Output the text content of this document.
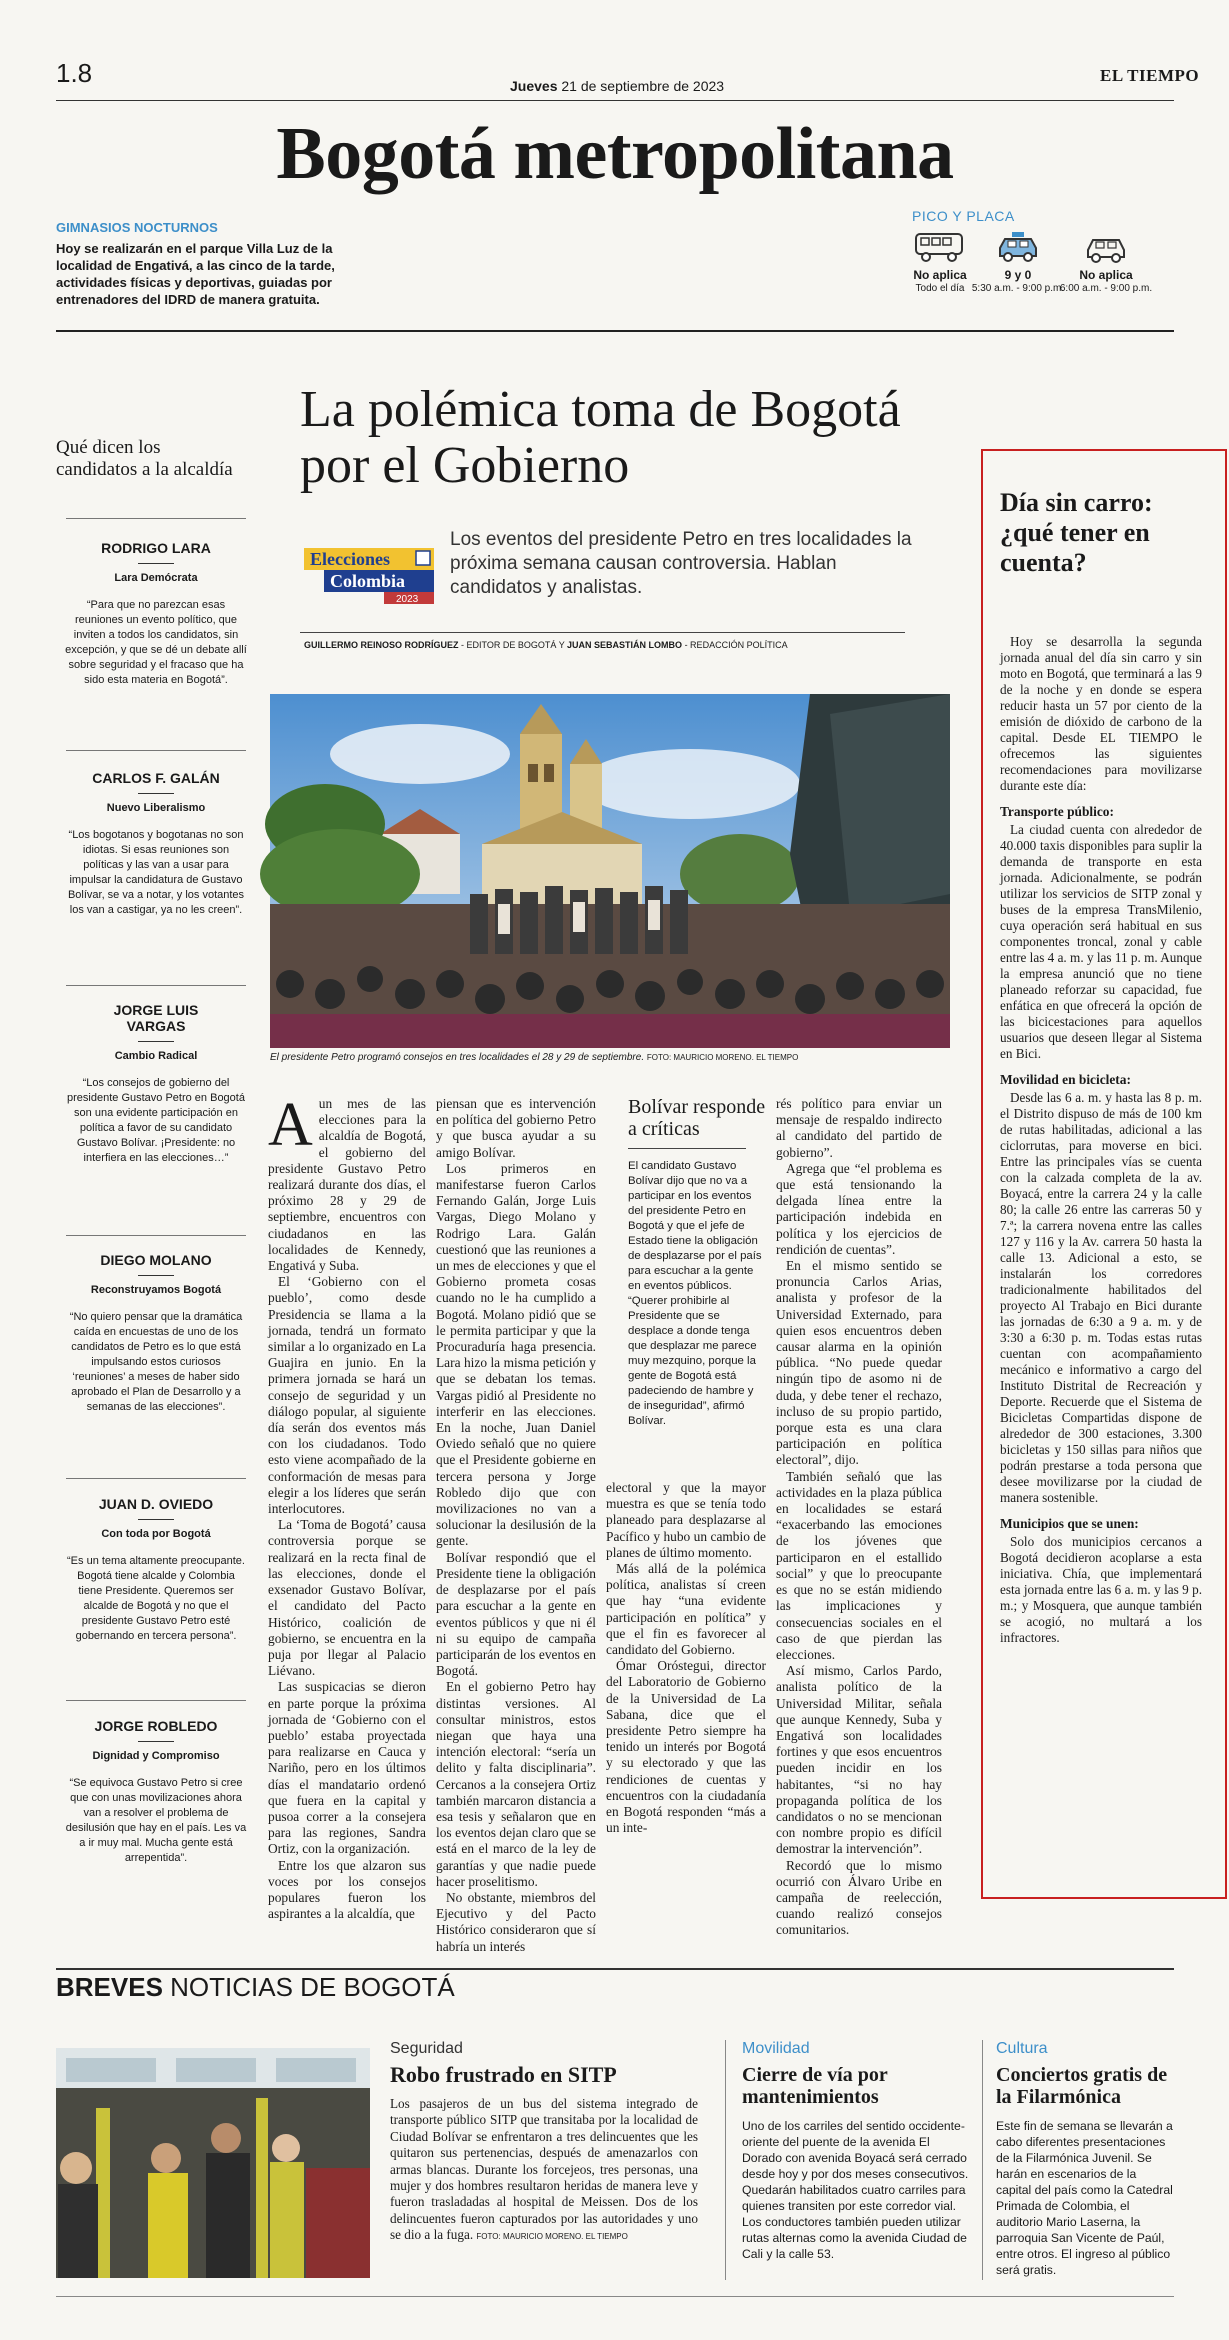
1.8	Jueves 21 de septiembre de 2023
EL TIEMPO
Bogotá metropolitana
GIMNASIOS NOCTURNOS
Hoy se realizarán en el parque Villa Luz de la localidad de Engativá, a las cinco de la tarde, actividades físicas y deportivas, guiadas por entrenadores del IDRD de manera gratuita.
PICO Y PLACA
No aplica
Todo el día
9 y 0
5:30 a.m. - 9:00 p.m.
No aplica
6:00 a.m. - 9:00 p.m.
Qué dicen los candidatos a la alcaldía
RODRIGO LARA
Lara Demócrata
“Para que no parezcan esas reuniones un evento político, que inviten a todos los candidatos, sin excepción, y que se dé un debate allí sobre seguridad y el fracaso que ha sido esta materia en Bogotá”.
CARLOS F. GALÁN
Nuevo Liberalismo
“Los bogotanos y bogotanas no son idiotas. Si esas reuniones son políticas y las van a usar para impulsar la candidatura de Gustavo Bolívar, se va a notar, y los votantes los van a castigar, ya no les creen”.
JORGE LUIS VARGAS
Cambio Radical
“Los consejos de gobierno del presidente Gustavo Petro en Bogotá son una evidente participación en política a favor de su candidato Gustavo Bolívar. ¡Presidente: no interfiera en las elecciones…”
DIEGO MOLANO
Reconstruyamos Bogotá
“No quiero pensar que la dramática caída en encuestas de uno de los candidatos de Petro es lo que está impulsando estos curiosos ‘reuniones’ a meses de haber sido aprobado el Plan de Desarrollo y a semanas de las elecciones”.
JUAN D. OVIEDO
Con toda por Bogotá
“Es un tema altamente preocupante. Bogotá tiene alcalde y Colombia tiene Presidente. Queremos ser alcalde de Bogotá y no que el presidente Gustavo Petro esté gobernando en tercera persona”.
JORGE ROBLEDO
Dignidad y Compromiso
“Se equivoca Gustavo Petro si cree que con unas movilizaciones ahora van a resolver el problema de desilusión que hay en el país. Les va a ir muy mal. Mucha gente está arrepentida”.
La polémica toma de Bogotá por el Gobierno
Elecciones
Colombia
2023
Los eventos del presidente Petro en tres localidades la próxima semana causan controversia. Hablan candidatos y analistas.
GUILLERMO REINOSO RODRÍGUEZ - EDITOR DE BOGOTÁ Y JUAN SEBASTIÁN LOMBO - REDACCIÓN POLÍTICA
El presidente Petro programó consejos en tres localidades el 28 y 29 de septiembre. FOTO: MAURICIO MORENO. EL TIEMPO

Aun mes de las elecciones para la alcaldía de Bogotá, el gobierno del presidente Gustavo Petro realizará durante dos días, el próximo 28 y 29 de septiembre, encuentros con ciudadanos en las localidades de Kennedy, Engativá y Suba.

El ‘Gobierno con el pueblo’, como desde Presidencia se llama a la jornada, tendrá un formato similar a lo organizado en La Guajira en junio. En la primera jornada se hará un consejo de seguridad y un diálogo popular, al siguiente día serán dos eventos más con los ciudadanos. Todo esto viene acompañado de la conformación de mesas para elegir a los líderes que serán interlocutores.

La ‘Toma de Bogotá’ causa controversia porque se realizará en la recta final de las elecciones, donde el exsenador Gustavo Bolívar, el candidato del Pacto Histórico, coalición de gobierno, se encuentra en la puja por llegar al Palacio Liévano.

Las suspicacias se dieron en parte porque la próxima jornada de ‘Gobierno con el pueblo’ estaba proyectada para realizarse en Cauca y Nariño, pero en los últimos días el mandatario ordenó que fuera en la capital y pusoa correr a la consejera para las regiones, Sandra Ortiz, con la organización.

Entre los que alzaron sus voces por los consejos populares fueron los aspirantes a la alcaldía, que

piensan que es intervención en política del gobierno Petro y que busca ayudar a su amigo Bolívar.

Los primeros en manifestarse fueron Carlos Fernando Galán, Jorge Luis Vargas, Diego Molano y Rodrigo Lara. Galán cuestionó que las reuniones a un mes de elecciones y que el Gobierno prometa cosas cuando no le ha cumplido a Bogotá. Molano pidió que se le permita participar y que la Procuraduría haga presencia. Lara hizo la misma petición y que se debatan los temas. Vargas pidió al Presidente no interferir en las elecciones. En la noche, Juan Daniel Oviedo señaló que no quiere que el Presidente gobierne en tercera persona y Jorge Robledo dijo que con movilizaciones no van a solucionar la desilusión de la gente.

Bolívar respondió que el Presidente tiene la obligación de desplazarse por el país para escuchar a la gente en eventos públicos y que ni él ni su equipo de campaña participarán de los eventos en Bogotá.

En el gobierno Petro hay distintas versiones. Al consultar ministros, estos niegan que haya una intención electoral: “sería un delito y falta disciplinaria”. Cercanos a la consejera Ortiz también marcaron distancia a esa tesis y señalaron que en los eventos dejan claro que se está en el marco de la ley de garantías y que nadie puede hacer proselitismo.

No obstante, miembros del Ejecutivo y del Pacto Histórico consideraron que sí habría un interés

Bolívar responde a críticas
El candidato Gustavo Bolívar dijo que no va a participar en los eventos del presidente Petro en Bogotá y que el jefe de Estado tiene la obligación de desplazarse por el país para escuchar a la gente en eventos públicos. “Querer prohibirle al Presidente que se desplace a donde tenga que desplazar me parece muy mezquino, porque la gente de Bogotá está padeciendo de hambre y de inseguridad”, afirmó Bolívar.

electoral y que la mayor muestra es que se tenía todo planeado para desplazarse al Pacífico y hubo un cambio de planes de último momento.

Más allá de la polémica política, analistas sí creen que hay “una evidente participación en política” y que el fin es favorecer al candidato del Gobierno.

Ómar Oróstegui, director del Laboratorio de Gobierno de la Universidad de La Sabana, dice que el presidente Petro siempre ha tenido un interés por Bogotá y su electorado y que las rendiciones de cuentas y encuentros con la ciudadanía en Bogotá responden “más a un inte-

rés político para enviar un mensaje de respaldo indirecto al candidato del partido de gobierno”.

Agrega que “el problema es que está tensionando la delgada línea entre la participación indebida en política y los ejercicios de rendición de cuentas”.

En el mismo sentido se pronuncia Carlos Arias, analista y profesor de la Universidad Externado, para quien esos encuentros deben causar alarma en la opinión pública. “No puede quedar ningún tipo de asomo ni de duda, y debe tener el rechazo, incluso de su propio partido, porque esta es una clara participación en política electoral”, dijo.

También señaló que las actividades en la plaza pública en localidades se estará “exacerbando las emociones de los jóvenes que participaron en el estallido social” y que lo preocupante es que no se están midiendo las implicaciones y consecuencias sociales en el caso de que pierdan las elecciones.

Así mismo, Carlos Pardo, analista político de la Universidad Militar, señala que aunque Kennedy, Suba y Engativá son localidades fortines y que esos encuentros pueden incidir en los habitantes, “si no hay propaganda política de los candidatos o no se mencionan con nombre propio es difícil demostrar la intervención”.

Recordó que lo mismo ocurrió con Álvaro Uribe en campaña de reelección, cuando realizó consejos comunitarios.

Día sin carro: ¿qué tener en cuenta?

Hoy se desarrolla la segunda jornada anual del día sin carro y sin moto en Bogotá, que terminará a las 9 de la noche y en donde se espera reducir hasta un 57 por ciento de la emisión de dióxido de carbono de la capital. Desde EL TIEMPO le ofrecemos las siguientes recomendaciones para movilizarse durante este día:

Transporte público:

La ciudad cuenta con alrededor de 40.000 taxis disponibles para suplir la demanda de transporte en esta jornada. Adicionalmente, se podrán utilizar los servicios de SITP zonal y buses de la empresa TransMilenio, cuya operación será habitual en sus componentes troncal, zonal y cable entre las 4 a. m. y las 11 p. m. Aunque la empresa anunció que no tiene planeado reforzar su capacidad, fue enfática en que ofrecerá la opción de las bicicestaciones para aquellos usuarios que deseen llegar al Sistema en Bici.

Movilidad en bicicleta:

Desde las 6 a. m. y hasta las 8 p. m. el Distrito dispuso de más de 100 km de rutas habilitadas, adicional a las ciclorrutas, para moverse en bici. Entre las principales vías se cuenta con la calzada completa de la av. Boyacá, entre la carrera 24 y la calle 80; la calle 26 entre las carreras 50 y 7.ª; la carrera novena entre las calles 127 y 116 y la Av. carrera 50 hasta la calle 13. Adicional a esto, se instalarán los corredores tradicionalmente habilitados del proyecto Al Trabajo en Bici durante las jornadas de 6:30 a 9 a. m. y de 3:30 a 6:30 p. m. Todas estas rutas cuentan con acompañamiento mecánico e informativo a cargo del Instituto Distrital de Recreación y Deporte. Recuerde que el Sistema de Bicicletas Compartidas dispone de alrededor de 300 estaciones, 3.300 bicicletas y 150 sillas para niños que podrán prestarse a toda persona que desee movilizarse por la ciudad de manera sostenible.

Municipios que se unen:

Solo dos municipios cercanos a Bogotá decidieron acoplarse a esta iniciativa. Chía, que implementará esta jornada entre las 6 a. m. y las 9 p. m.; y Mosquera, que aunque también se acogió, no multará a los infractores.

BREVES NOTICIAS DE BOGOTÁ
Seguridad
Robo frustrado en SITP

Los pasajeros de un bus del sistema integrado de transporte público SITP que transitaba por la localidad de Ciudad Bolívar se enfrentaron a tres delincuentes que les quitaron sus pertenencias, después de amenazarlos con armas blancas. Durante los forcejeos, tres personas, una mujer y dos hombres resultaron heridas de manera leve y fueron trasladadas al hospital de Meissen. Dos de los delincuentes fueron capturados por las autoridades y uno se dio a la fuga. FOTO: MAURICIO MORENO. EL TIEMPO

Movilidad
Cierre de vía por mantenimientos

Uno de los carriles del sentido occidente-oriente del puente de la avenida El Dorado con avenida Boyacá será cerrado desde hoy y por dos meses consecutivos. Quedarán habilitados cuatro carriles para quienes transiten por este corredor vial. Los conductores también pueden utilizar rutas alternas como la avenida Ciudad de Cali y la calle 53.

Cultura
Conciertos gratis de la Filarmónica

Este fin de semana se llevarán a cabo diferentes presentaciones de la Filarmónica Juvenil. Se harán en escenarios de la capital del país como la Catedral Primada de Colombia, el auditorio Mario Laserna, la parroquia San Vicente de Paúl, entre otros. El ingreso al público será gratis.
